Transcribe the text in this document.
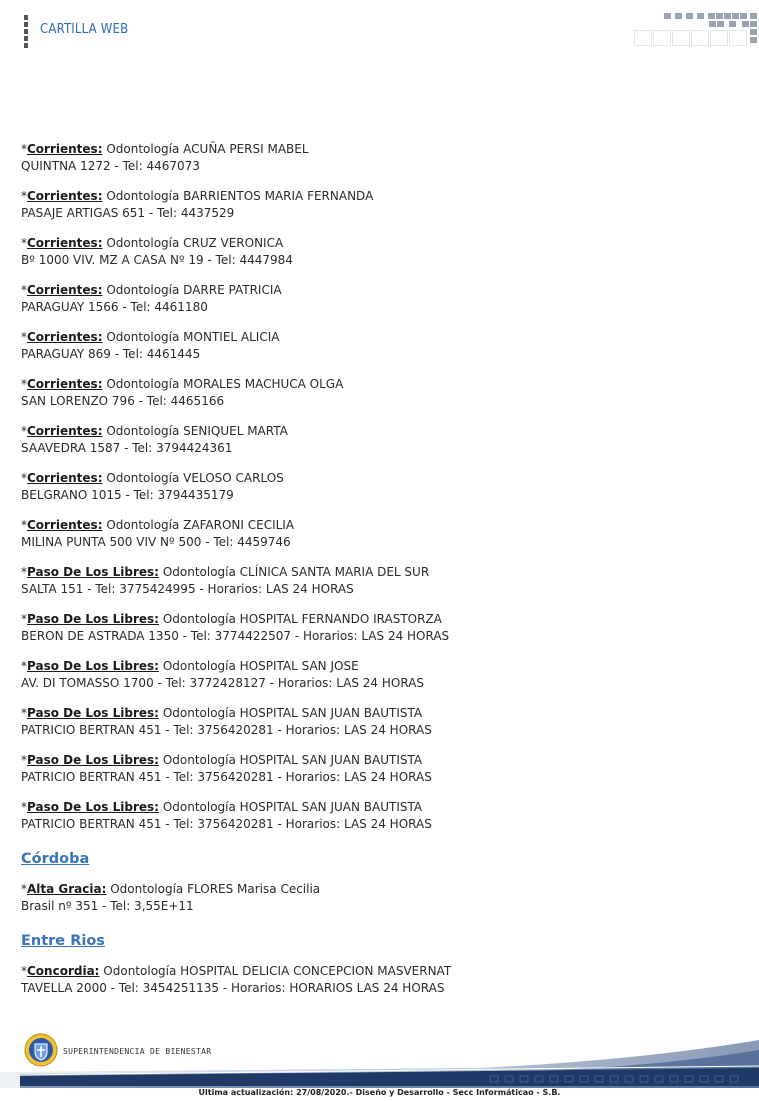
CARTILLA WEB
*Corrientes: Odontología ACUÑA PERSI MABEL
QUINTNA 1272 - Tel: 4467073
*Corrientes: Odontología BARRIENTOS MARIA FERNANDA
PASAJE ARTIGAS 651 - Tel: 4437529
*Corrientes: Odontología CRUZ VERONICA
Bº 1000 VIV. MZ A CASA Nº 19 - Tel: 4447984
*Corrientes: Odontología DARRE PATRICIA
PARAGUAY 1566 - Tel: 4461180
*Corrientes: Odontología MONTIEL ALICIA
PARAGUAY 869 - Tel: 4461445
*Corrientes: Odontología MORALES MACHUCA OLGA
SAN LORENZO 796 - Tel: 4465166
*Corrientes: Odontología SENIQUEL MARTA
SAAVEDRA 1587 - Tel: 3794424361
*Corrientes: Odontología VELOSO CARLOS
BELGRANO 1015 - Tel: 3794435179
*Corrientes: Odontología ZAFARONI CECILIA
MILINA PUNTA 500 VIV Nº 500 - Tel: 4459746
*Paso De Los Libres: Odontología CLÍNICA SANTA MARIA DEL SUR
SALTA 151 - Tel: 3775424995 - Horarios: LAS 24 HORAS
*Paso De Los Libres: Odontología HOSPITAL FERNANDO IRASTORZA
BERON DE ASTRADA 1350 - Tel: 3774422507 - Horarios: LAS 24 HORAS
*Paso De Los Libres: Odontología HOSPITAL SAN JOSE
AV. DI TOMASSO 1700 - Tel: 3772428127 - Horarios: LAS 24 HORAS
*Paso De Los Libres: Odontología HOSPITAL SAN JUAN BAUTISTA
PATRICIO BERTRAN 451 - Tel: 3756420281 - Horarios: LAS 24 HORAS
*Paso De Los Libres: Odontología HOSPITAL SAN JUAN BAUTISTA
PATRICIO BERTRAN 451 - Tel: 3756420281 - Horarios: LAS 24 HORAS
*Paso De Los Libres: Odontología HOSPITAL SAN JUAN BAUTISTA
PATRICIO BERTRAN 451 - Tel: 3756420281 - Horarios: LAS 24 HORAS
Córdoba
*Alta Gracia: Odontología FLORES Marisa Cecilia
Brasil nº 351 - Tel: 3,55E+11
Entre Rios
*Concordia: Odontología HOSPITAL DELICIA CONCEPCION MASVERNAT
TAVELLA 2000 - Tel: 3454251135 - Horarios: HORARIOS LAS 24 HORAS
SUPERINTENDENCIA DE BIENESTAR
Ultima actualización: 27/08/2020.- Diseño y Desarrollo - Secc Informáticao - S.B.
